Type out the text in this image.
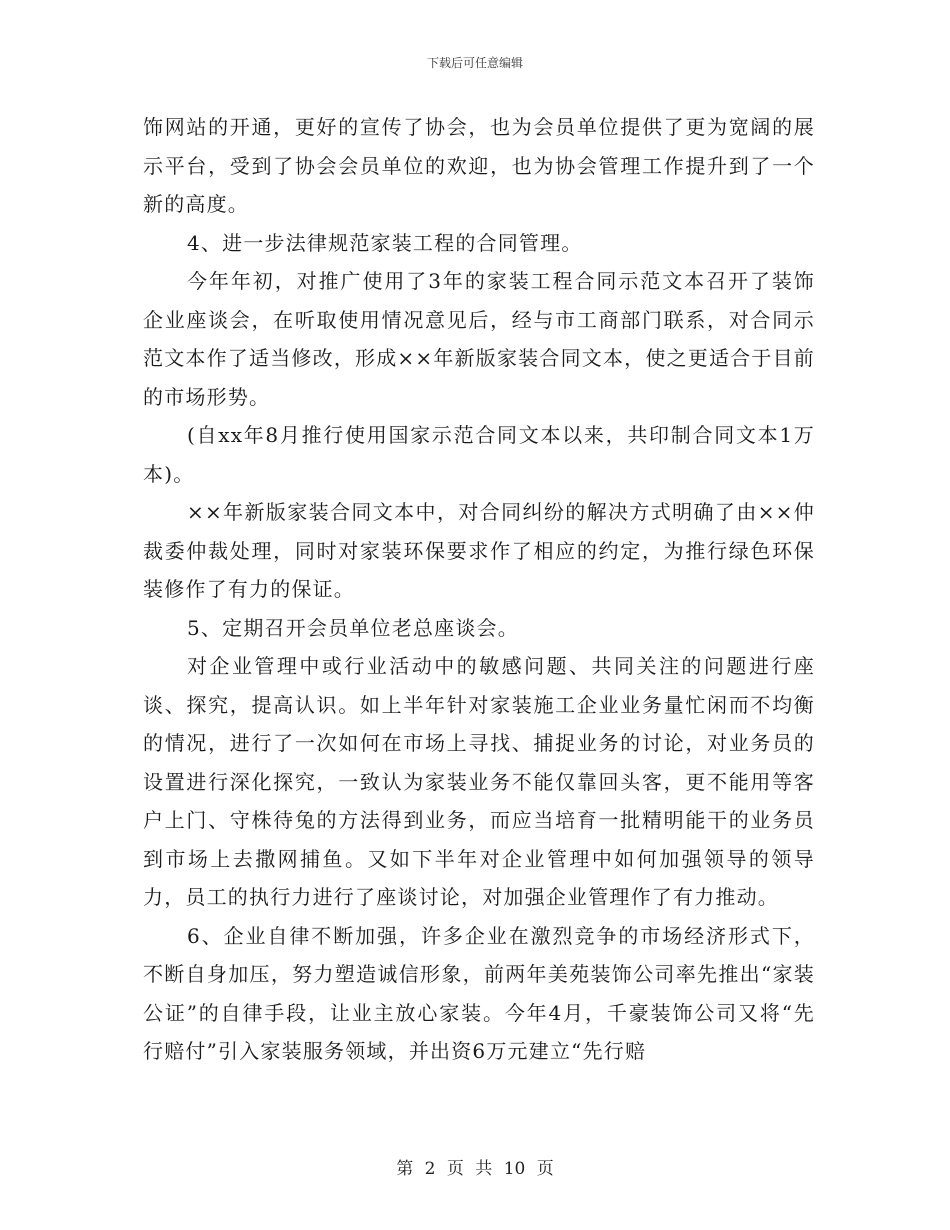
下载后可任意编辑

饰网站的开通，更好的宣传了协会，也为会员单位提供了更为宽阔的展示平台，受到了协会会员单位的欢迎，也为协会管理工作提升到了一个新的高度。

4、进一步法律规范家装工程的合同管理。

今年年初，对推广使用了3年的家装工程合同示范文本召开了装饰企业座谈会，在听取使用情况意见后，经与市工商部门联系，对合同示范文本作了适当修改，形成××年新版家装合同文本，使之更适合于目前的市场形势。

(自xx年8月推行使用国家示范合同文本以来，共印制合同文本1万本)。

××年新版家装合同文本中，对合同纠纷的解决方式明确了由××仲裁委仲裁处理，同时对家装环保要求作了相应的约定，为推行绿色环保装修作了有力的保证。

5、定期召开会员单位老总座谈会。

对企业管理中或行业活动中的敏感问题、共同关注的问题进行座谈、探究，提高认识。如上半年针对家装施工企业业务量忙闲而不均衡的情况，进行了一次如何在市场上寻找、捕捉业务的讨论，对业务员的设置进行深化探究，一致认为家装业务不能仅靠回头客，更不能用等客户上门、守株待兔的方法得到业务，而应当培育一批精明能干的业务员到市场上去撒网捕鱼。又如下半年对企业管理中如何加强领导的领导力，员工的执行力进行了座谈讨论，对加强企业管理作了有力推动。

6、企业自律不断加强，许多企业在激烈竞争的市场经济形式下，不断自身加压，努力塑造诚信形象，前两年美苑装饰公司率先推出“家装公证”的自律手段，让业主放心家装。今年4月，千豪装饰公司又将“先行赔付”引入家装服务领域，并出资6万元建立“先行赔

第 2 页 共 10 页
